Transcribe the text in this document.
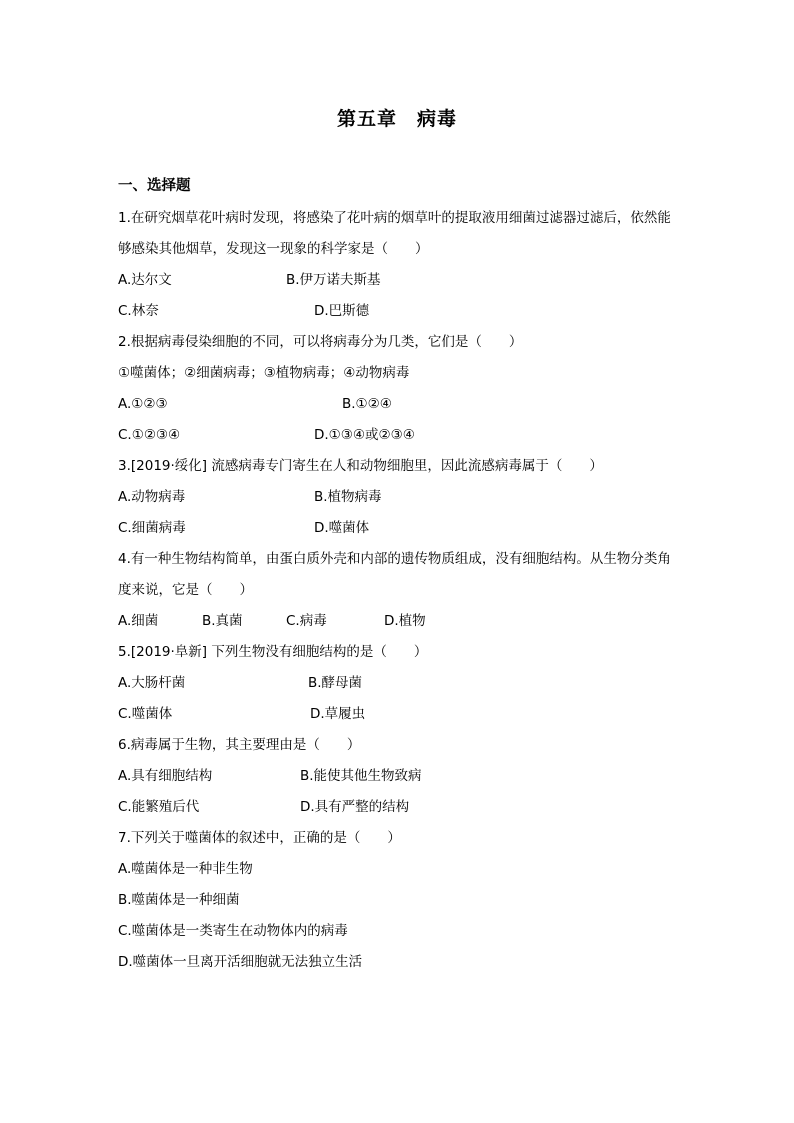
第五章　病毒
一、选择题
1.在研究烟草花叶病时发现，将感染了花叶病的烟草叶的提取液用细菌过滤器过滤后，依然能够感染其他烟草，发现这一现象的科学家是（　　）
A.达尔文	B.伊万诺夫斯基
C.林奈	D.巴斯德
2.根据病毒侵染细胞的不同，可以将病毒分为几类，它们是（　　）
①噬菌体；②细菌病毒；③植物病毒；④动物病毒
A.①②③	B.①②④
C.①②③④	D.①③④或②③④
3.[2019·绥化] 流感病毒专门寄生在人和动物细胞里，因此流感病毒属于（　　）
A.动物病毒	B.植物病毒
C.细菌病毒	D.噬菌体
4.有一种生物结构简单，由蛋白质外壳和内部的遗传物质组成，没有细胞结构。从生物分类角度来说，它是（　　）
A.细菌	B.真菌	C.病毒	D.植物
5.[2019·阜新] 下列生物没有细胞结构的是（　　）
A.大肠杆菌	B.酵母菌
C.噬菌体	D.草履虫
6.病毒属于生物，其主要理由是（　　）
A.具有细胞结构	B.能使其他生物致病
C.能繁殖后代	D.具有严整的结构
7.下列关于噬菌体的叙述中，正确的是（　　）
A.噬菌体是一种非生物
B.噬菌体是一种细菌
C.噬菌体是一类寄生在动物体内的病毒
D.噬菌体一旦离开活细胞就无法独立生活
